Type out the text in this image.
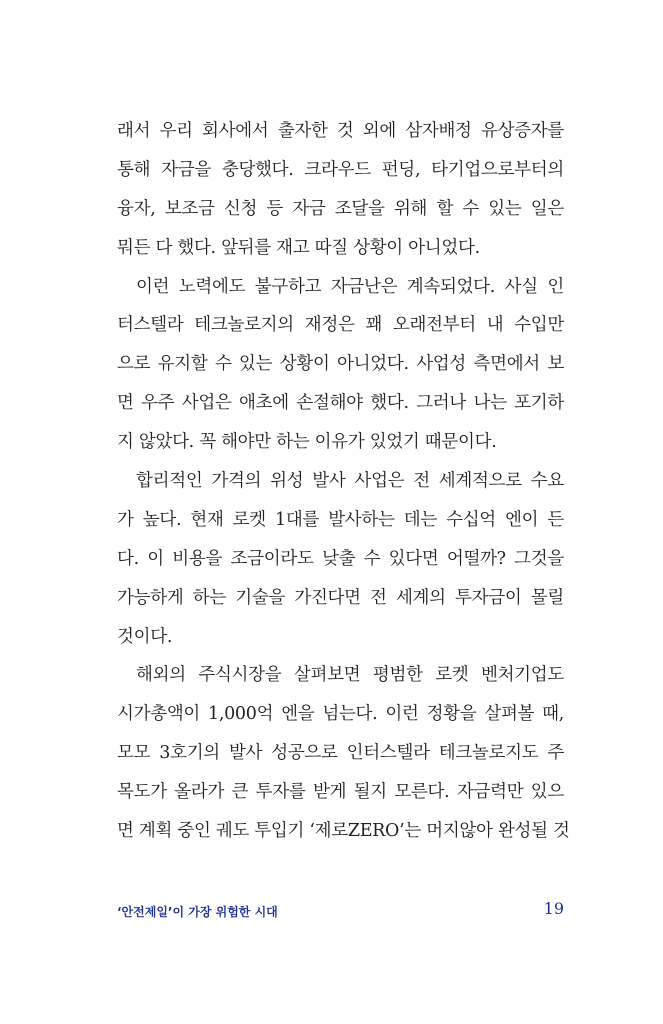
래서 우리 회사에서 출자한 것 외에 삼자배정 유상증자를
통해 자금을 충당했다. 크라우드 펀딩, 타기업으로부터의
융자, 보조금 신청 등 자금 조달을 위해 할 수 있는 일은
뭐든 다 했다. 앞뒤를 재고 따질 상황이 아니었다.
이런 노력에도 불구하고 자금난은 계속되었다. 사실 인
터스텔라 테크놀로지의 재정은 꽤 오래전부터 내 수입만
으로 유지할 수 있는 상황이 아니었다. 사업성 측면에서 보
면 우주 사업은 애초에 손절해야 했다. 그러나 나는 포기하
지 않았다. 꼭 해야만 하는 이유가 있었기 때문이다.
합리적인 가격의 위성 발사 사업은 전 세계적으로 수요
가 높다. 현재 로켓 1대를 발사하는 데는 수십억 엔이 든
다. 이 비용을 조금이라도 낮출 수 있다면 어떨까? 그것을
가능하게 하는 기술을 가진다면 전 세계의 투자금이 몰릴
것이다.
해외의 주식시장을 살펴보면 평범한 로켓 벤처기업도
시가총액이 1,000억 엔을 넘는다. 이런 정황을 살펴볼 때,
모모 3호기의 발사 성공으로 인터스텔라 테크놀로지도 주
목도가 올라가 큰 투자를 받게 될지 모른다. 자금력만 있으
면 계획 중인 궤도 투입기 ‘제로ZERO’는 머지않아 완성될 것
‘안전제일’이 가장 위험한 시대	19
